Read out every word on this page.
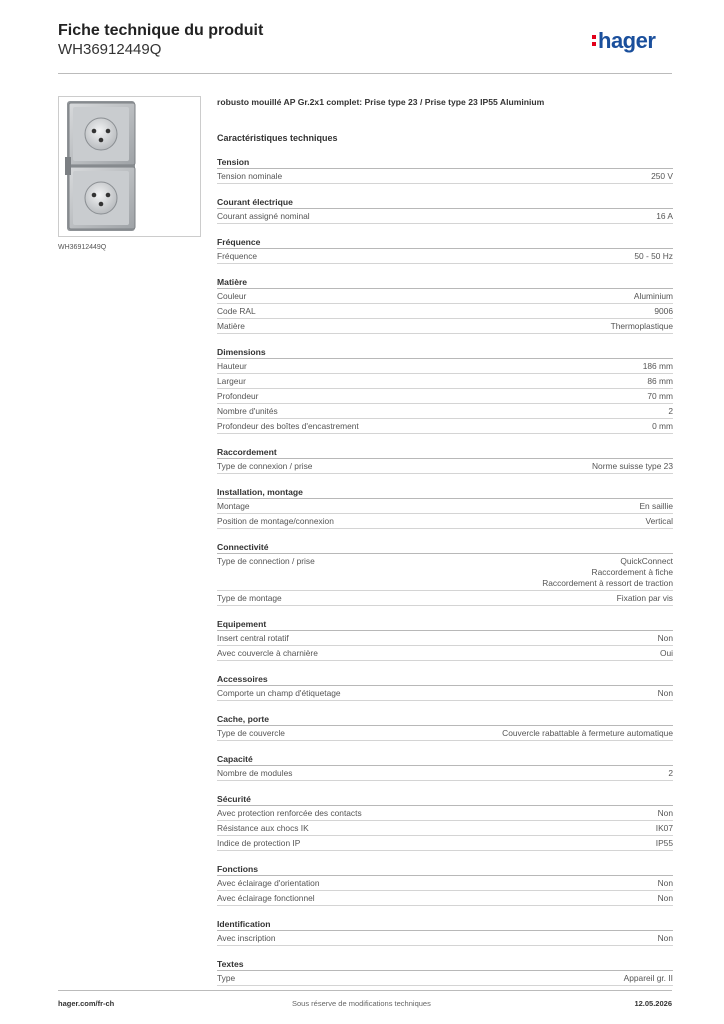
Fiche technique du produit
WH36912449Q	hager
WH36912449Q
robusto mouillé AP Gr.2x1 complet: Prise type 23 / Prise type 23 IP55 Aluminium
Caractéristiques techniques
Tension
Tension nominale	250 V
Courant électrique
Courant assigné nominal	16 A
Fréquence
Fréquence	50 - 50 Hz
Matière
Couleur	Aluminium
Code RAL	9006
Matière	Thermoplastique
Dimensions
Hauteur	186 mm
Largeur	86 mm
Profondeur	70 mm
Nombre d'unités	2
Profondeur des boîtes d'encastrement	0 mm
Raccordement
Type de connexion / prise	Norme suisse type 23
Installation, montage
Montage	En saillie
Position de montage/connexion	Vertical
Connectivité
Type de connection / prise	QuickConnect
Raccordement à fiche
Raccordement à ressort de traction
Type de montage	Fixation par vis
Equipement
Insert central rotatif	Non
Avec couvercle à charnière	Oui
Accessoires
Comporte un champ d'étiquetage	Non
Cache, porte
Type de couvercle	Couvercle rabattable à fermeture automatique
Capacité
Nombre de modules	2
Sécurité
Avec protection renforcée des contacts	Non
Résistance aux chocs IK	IK07
Indice de protection IP	IP55
Fonctions
Avec éclairage d'orientation	Non
Avec éclairage fonctionnel	Non
Identification
Avec inscription	Non
Textes
Type	Appareil gr. II
hager.com/fr-ch	Sous réserve de modifications techniques	12.05.2026
